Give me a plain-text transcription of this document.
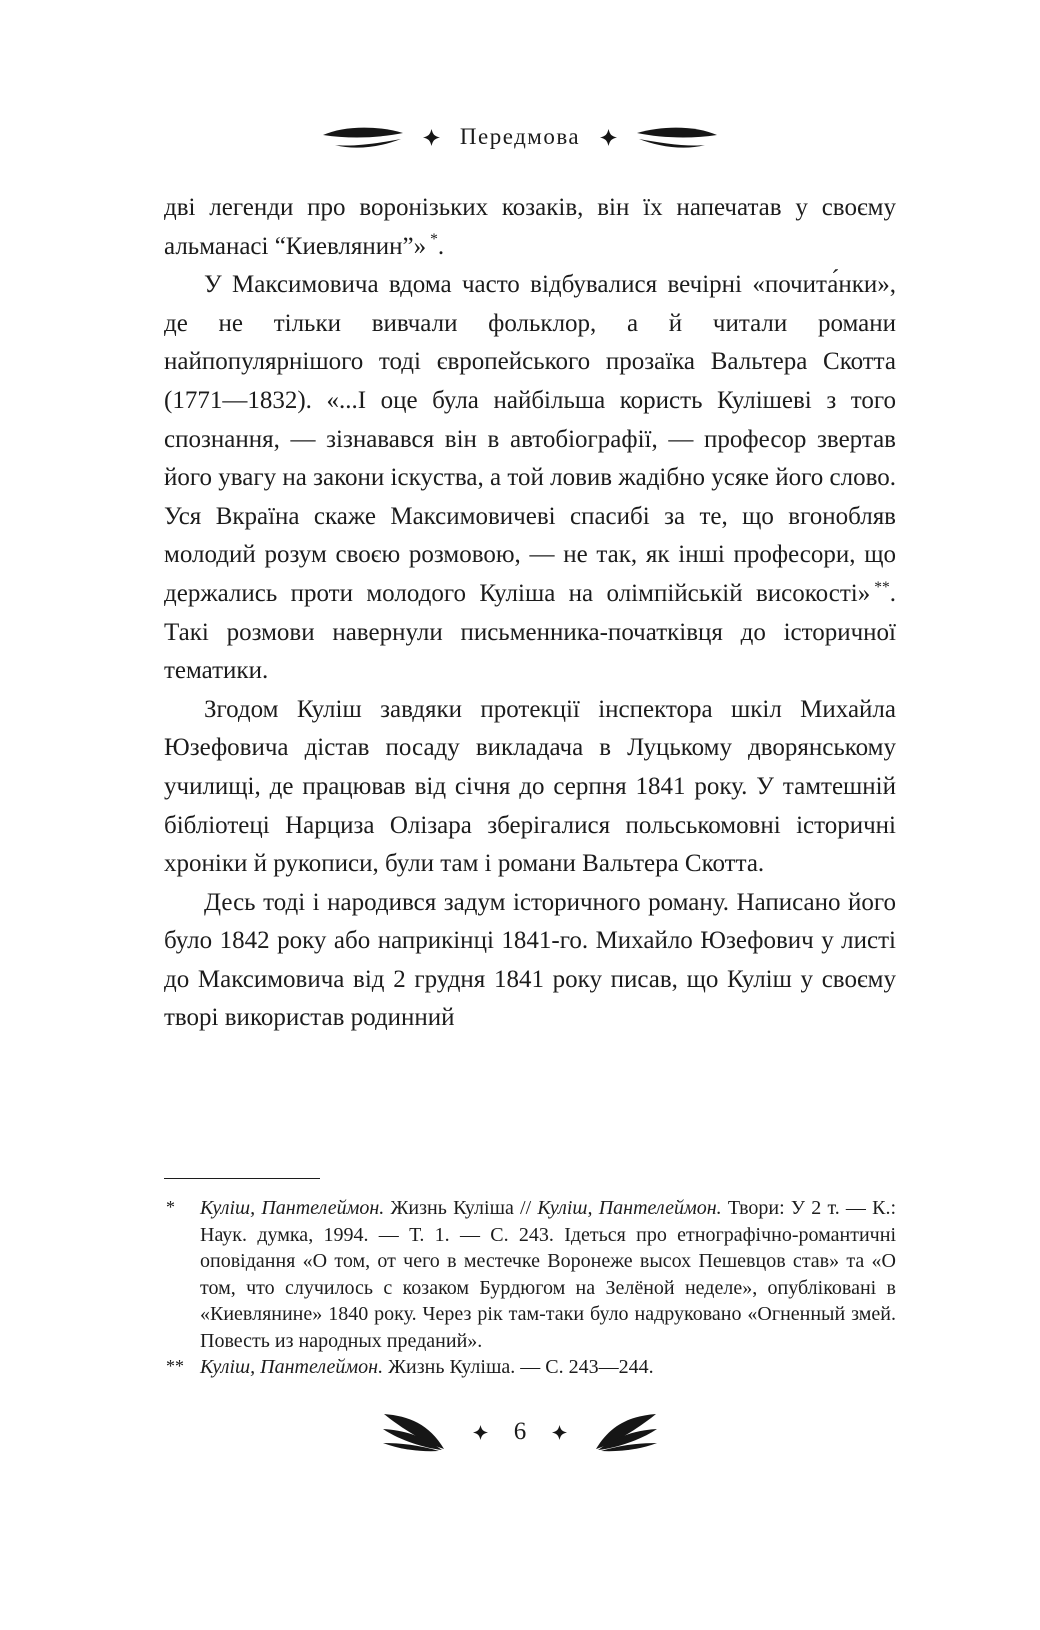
Передмова

дві легенди про воронізьких козаків, він їх напечатав у своєму альманасі “Киевлянин”» *.

У Максимовича вдома часто відбувалися вечірні «почита́нки», де не тільки вивчали фольклор, а й читали романи найпопулярнішого тоді європейського прозаїка Вальтера Скотта (1771—1832). «...І оце була найбільша користь Кулішеві з того спознання, — зізнавався він в автобіографії, — професор звертав його увагу на закони іскуства, а той ловив жадібно усяке його слово. Уся Вкраїна скаже Максимовичеві спасибі за те, що вгонобляв молодий розум своєю розмовою, — не так, як інші професори, що держались проти молодого Куліша на олімпійській високості» **. Такі розмови навернули письменника-початківця до історичної тематики.

Згодом Куліш завдяки протекції інспектора шкіл Михайла Юзефовича дістав посаду викладача в Луцькому дворянському училищі, де працював від січня до серпня 1841 року. У тамтешній бібліотеці Нарциза Олізара зберігалися польськомовні історичні хроніки й рукописи, були там і романи Вальтера Скотта.

Десь тоді і народився задум історичного роману. Написано його було 1842 року або наприкінці 1841-го. Михайло Юзефович у листі до Максимовича від 2 грудня 1841 року писав, що Куліш у своєму творі використав родинний

* Куліш, Пантелеймон. Жизнь Куліша // Куліш, Пантелеймон. Твори: У 2 т. — К.: Наук. думка, 1994. — Т. 1. — С. 243. Ідеться про етнографічно-романтичні оповідання «О том, от чего в местечке Воронеже высох Пешевцов став» та «О том, что случилось с козаком Бурдюгом на Зелёной неделе», опубліковані в «Киевлянине» 1840 року. Через рік там-таки було надруковано «Огненный змей. Повесть из народных преданий».
** Куліш, Пантелеймон. Жизнь Куліша. — С. 243—244.
6
